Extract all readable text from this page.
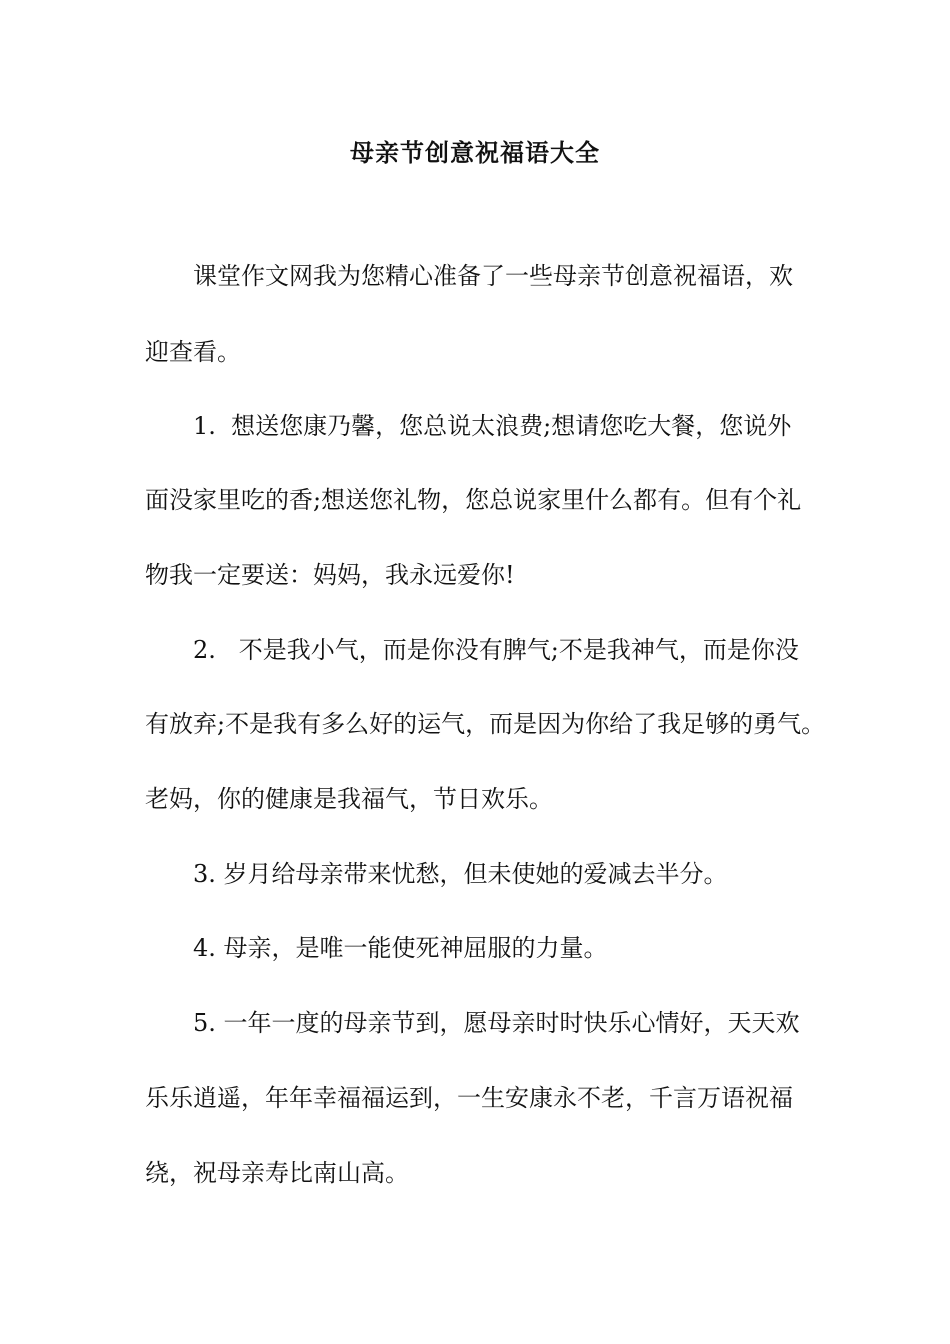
母亲节创意祝福语大全

课堂作文网我为您精心准备了一些母亲节创意祝福语，欢

迎查看。

1.  想送您康乃馨，您总说太浪费;想请您吃大餐，您说外

面没家里吃的香;想送您礼物，您总说家里什么都有。但有个礼

物我一定要送：妈妈，我永远爱你!

2.   不是我小气，而是你没有脾气;不是我神气，而是你没

有放弃;不是我有多么好的运气，而是因为你给了我足够的勇气。

老妈，你的健康是我福气，节日欢乐。

3. 岁月给母亲带来忧愁，但未使她的爱减去半分。

4. 母亲，是唯一能使死神屈服的力量。

5. 一年一度的母亲节到，愿母亲时时快乐心情好，天天欢

乐乐逍遥，年年幸福福运到，一生安康永不老，千言万语祝福

绕，祝母亲寿比南山高。
